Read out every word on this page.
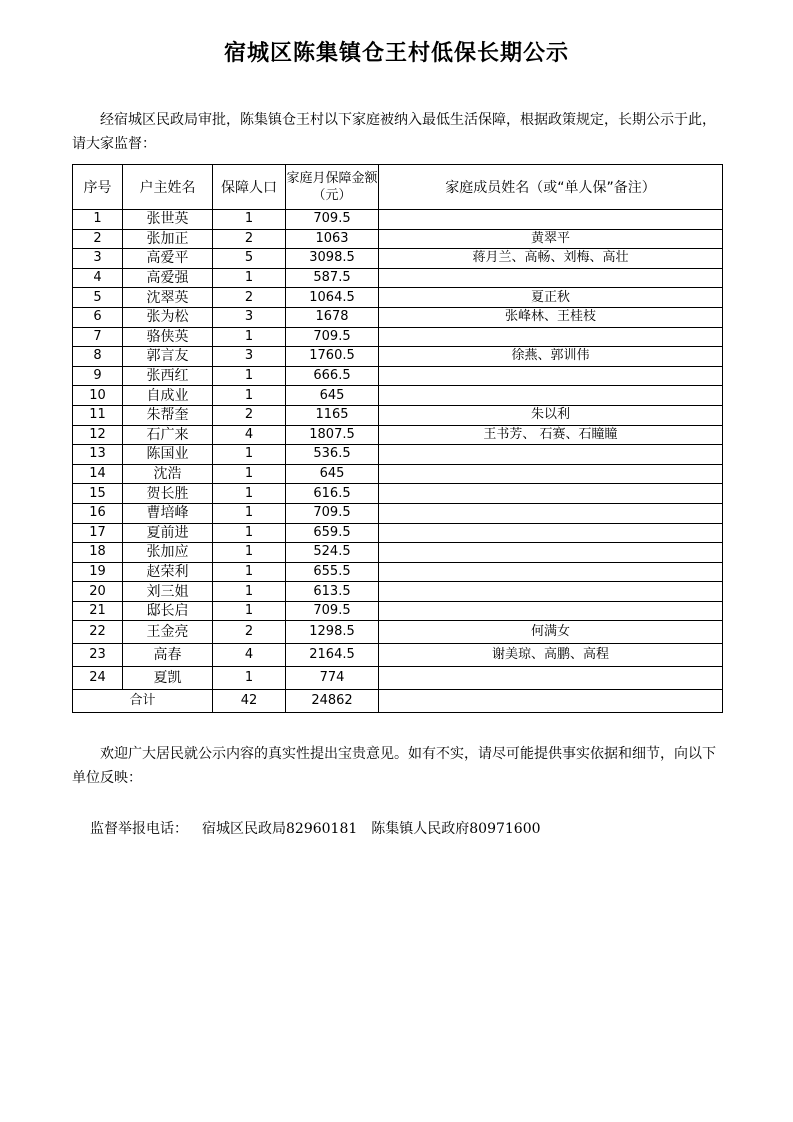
宿城区陈集镇仓王村低保长期公示
经宿城区民政局审批，陈集镇仓王村以下家庭被纳入最低生活保障，根据政策规定，长期公示于此，请大家监督：
序号	户主姓名	保障人口	家庭月保障金额（元）	家庭成员姓名（或“单人保”备注）
1	张世英	1	709.5	
2	张加正	2	1063	黄翠平
3	高爱平	5	3098.5	蒋月兰、高畅、刘梅、高壮
4	高爱强	1	587.5	
5	沈翠英	2	1064.5	夏正秋
6	张为松	3	1678	张峰林、王桂枝
7	骆侠英	1	709.5	
8	郭言友	3	1760.5	徐燕、郭训伟
9	张西红	1	666.5	
10	自成业	1	645	
11	朱帮奎	2	1165	朱以利
12	石广来	4	1807.5	王书芳、 石赛、石瞳瞳
13	陈国业	1	536.5	
14	沈浩	1	645	
15	贺长胜	1	616.5	
16	曹培峰	1	709.5	
17	夏前进	1	659.5	
18	张加应	1	524.5	
19	赵荣利	1	655.5	
20	刘三姐	1	613.5	
21	邸长启	1	709.5	
22	王金亮	2	1298.5	何满女
23	高春	4	2164.5	谢美琼、高鹏、高程
24	夏凯	1	774	
合计		42	24862	
欢迎广大居民就公示内容的真实性提出宝贵意见。如有不实，请尽可能提供事实依据和细节，向以下单位反映：
监督举报电话： 宿城区民政局82960181 陈集镇人民政府80971600
